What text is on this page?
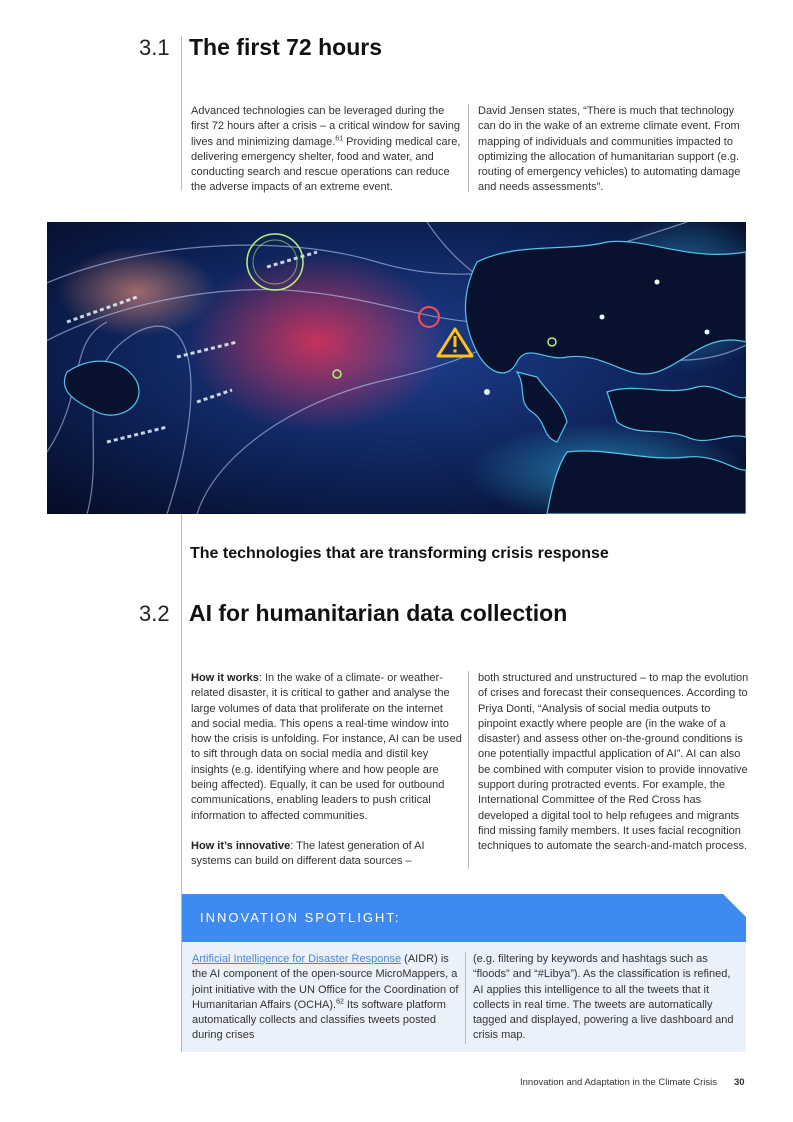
3.1 The first 72 hours
Advanced technologies can be leveraged during the first 72 hours after a crisis – a critical window for saving lives and minimizing damage.$^{61}$ Providing medical care, delivering emergency shelter, food and water, and conducting search and rescue operations can reduce the adverse impacts of an extreme event.
David Jensen states, “There is much that technology can do in the wake of an extreme climate event. From mapping of individuals and communities impacted to optimizing the allocation of humanitarian support (e.g. routing of emergency vehicles) to automating damage and needs assessments”.
The technologies that are transforming crisis response
3.2 AI for humanitarian data collection

How it works: In the wake of a climate- or weather-related disaster, it is critical to gather and analyse the large volumes of data that proliferate on the internet and social media. This opens a real-time window into how the crisis is unfolding. For instance, AI can be used to sift through data on social media and distil key insights (e.g. identifying where and how people are being affected). Equally, it can be used for outbound communications, enabling leaders to push critical information to affected communities.

How it’s innovative: The latest generation of AI systems can build on different data sources –

both structured and unstructured – to map the evolution of crises and forecast their consequences. According to Priya Donti, “Analysis of social media outputs to pinpoint exactly where people are (in the wake of a disaster) and assess other on-the-ground conditions is one potentially impactful application of AI”. AI can also be combined with computer vision to provide innovative support during protracted events. For example, the International Committee of the Red Cross has developed a digital tool to help refugees and migrants find missing family members. It uses facial recognition techniques to automate the search-and-match process.
INNOVATION SPOTLIGHT:
Artificial Intelligence for Disaster Response (AIDR) is the AI component of the open-source MicroMappers, a joint initiative with the UN Office for the Coordination of Humanitarian Affairs (OCHA).$^{62}$ Its software platform automatically collects and classifies tweets posted during crises
(e.g. filtering by keywords and hashtags such as “floods” and “#Libya”). As the classification is refined, AI applies this intelligence to all the tweets that it collects in real time. The tweets are automatically tagged and displayed, powering a live dashboard and crisis map.
Innovation and Adaptation in the Climate Crisis 30
